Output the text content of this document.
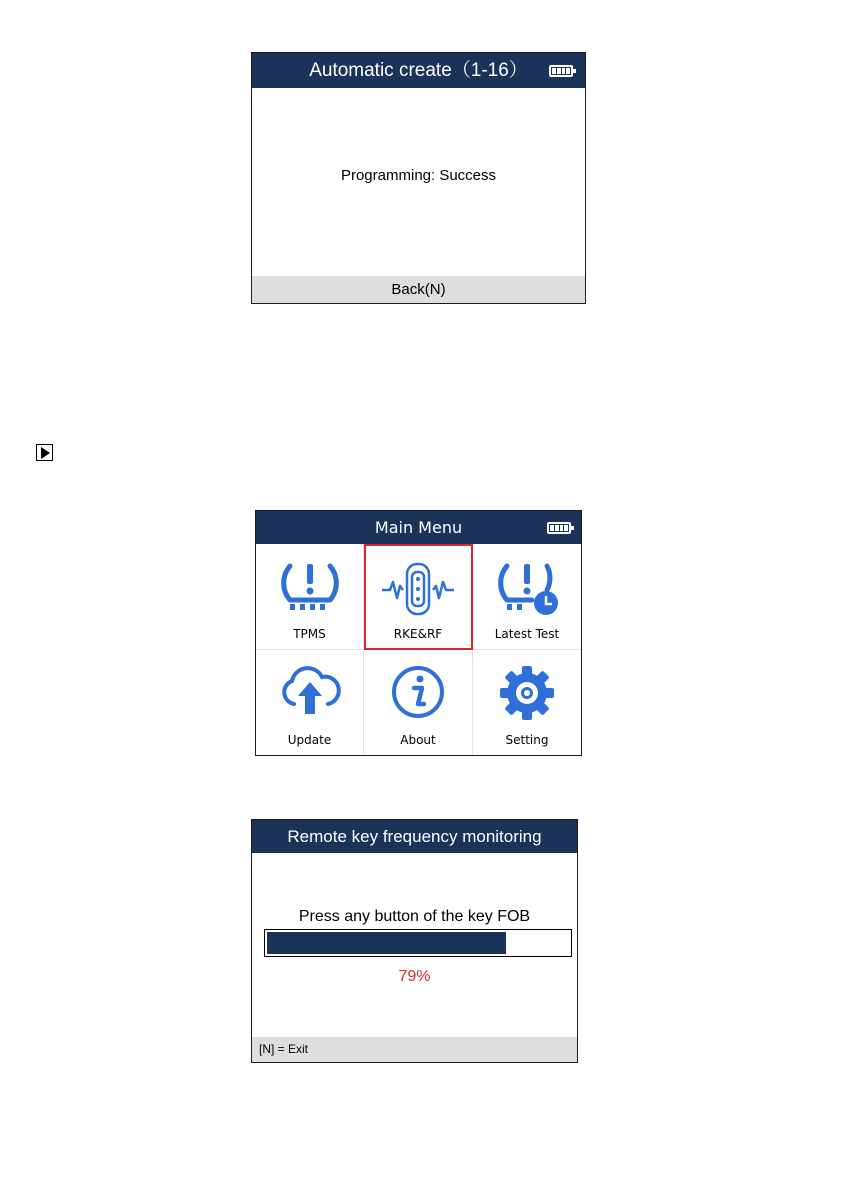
Automatic create（1-16）
Programming: Success
Back(N)
Main Menu
TPMS	RKE&RF	Latest Test
Update	About	Setting
Remote key frequency monitoring
Press any button of the key FOB
79%
[N] = Exit
